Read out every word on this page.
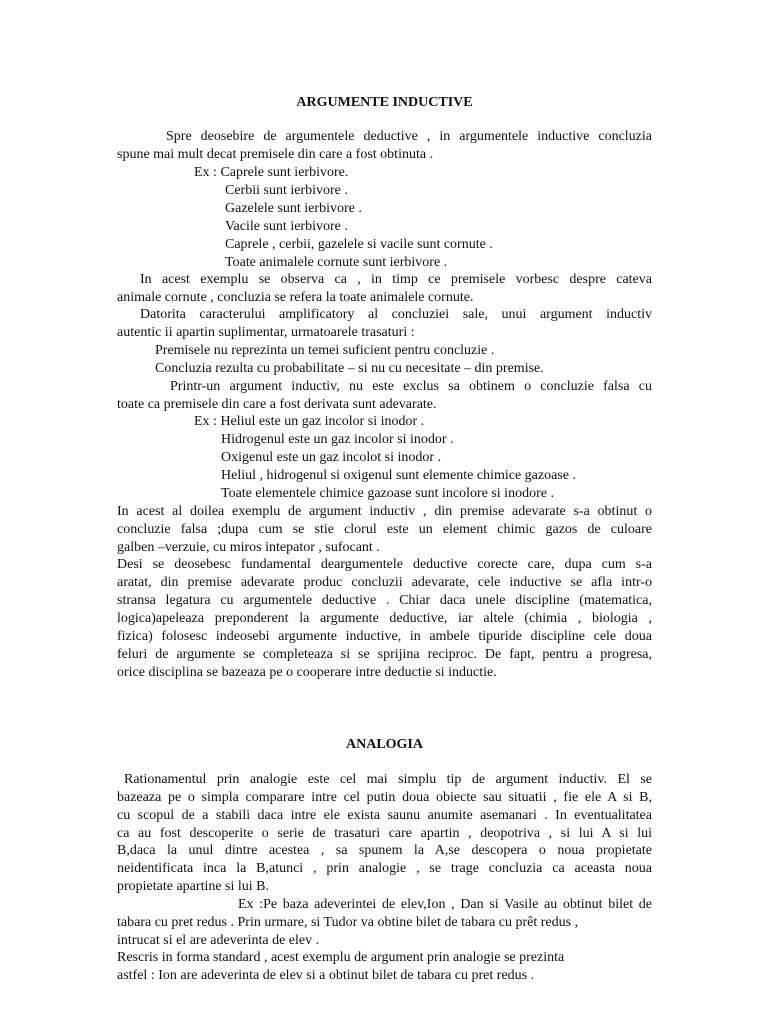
ARGUMENTE INDUCTIVE
Spre deosebire de argumentele deductive , in argumentele inductive concluzia
spune mai mult decat premisele din care a fost obtinuta .
Ex : Caprele sunt ierbivore.
Cerbii sunt ierbivore .
Gazelele sunt ierbivore .
Vacile sunt ierbivore .
Caprele , cerbii, gazelele si vacile sunt cornute .
Toate animalele cornute sunt ierbivore .
In acest exemplu se observa ca , in timp ce premisele vorbesc despre cateva
animale cornute , concluzia se refera la toate animalele cornute.
Datorita caracterului amplificatory al concluziei sale, unui argument inductiv
autentic ii apartin suplimentar, urmatoarele trasaturi :
Premisele nu reprezinta un temei suficient pentru concluzie .
Concluzia rezulta cu probabilitate – si nu cu necesitate – din premise.
Printr-un argument inductiv, nu este exclus sa obtinem o concluzie falsa cu
toate ca premisele din care a fost derivata sunt adevarate.
Ex : Heliul este un gaz incolor si inodor .
Hidrogenul este un gaz incolor si inodor .
Oxigenul este un gaz incolot si inodor .
Heliul , hidrogenul si oxigenul sunt elemente chimice gazoase .
Toate elementele chimice gazoase sunt incolore si inodore .
In acest al doilea exemplu de argument inductiv , din premise adevarate s-a obtinut o
concluzie falsa ;dupa cum se stie clorul este un element chimic gazos de culoare
galben –verzuie, cu miros intepator , sufocant .
Desi se deosebesc fundamental deargumentele deductive corecte care, dupa cum s-a
aratat, din premise adevarate produc concluzii adevarate, cele inductive se afla intr-o
stransa legatura cu argumentele deductive . Chiar daca unele discipline (matematica,
logica)apeleaza preponderent la argumente deductive, iar altele (chimia , biologia ,
fizica) folosesc indeosebi argumente inductive, in ambele tipuride discipline cele doua
feluri de argumente se completeaza si se sprijina reciproc. De fapt, pentru a progresa,
orice disciplina se bazeaza pe o cooperare intre deductie si inductie.
ANALOGIA
Rationamentul prin analogie este cel mai simplu tip de argument inductiv. El se
bazeaza pe o simpla comparare intre cel putin doua obiecte sau situatii , fie ele A si B,
cu scopul de a stabili daca intre ele exista saunu anumite asemanari . In eventualitatea
ca au fost descoperite o serie de trasaturi care apartin , deopotriva , si lui A si lui
B,daca la unul dintre acestea , sa spunem la A,se descopera o noua propietate
neidentificata inca la B,atunci , prin analogie , se trage concluzia ca aceasta noua
propietate apartine si lui B.
Ex :Pe baza adeverintei de elev,Ion , Dan si Vasile au obtinut bilet de
tabara cu pret redus . Prin urmare, si Tudor va obtine bilet de tabara cu prêt redus ,
intrucat si el are adeverinta de elev .
Rescris in forma standard , acest exemplu de argument prin analogie se prezinta
astfel : Ion are adeverinta de elev si a obtinut bilet de tabara cu pret redus .
